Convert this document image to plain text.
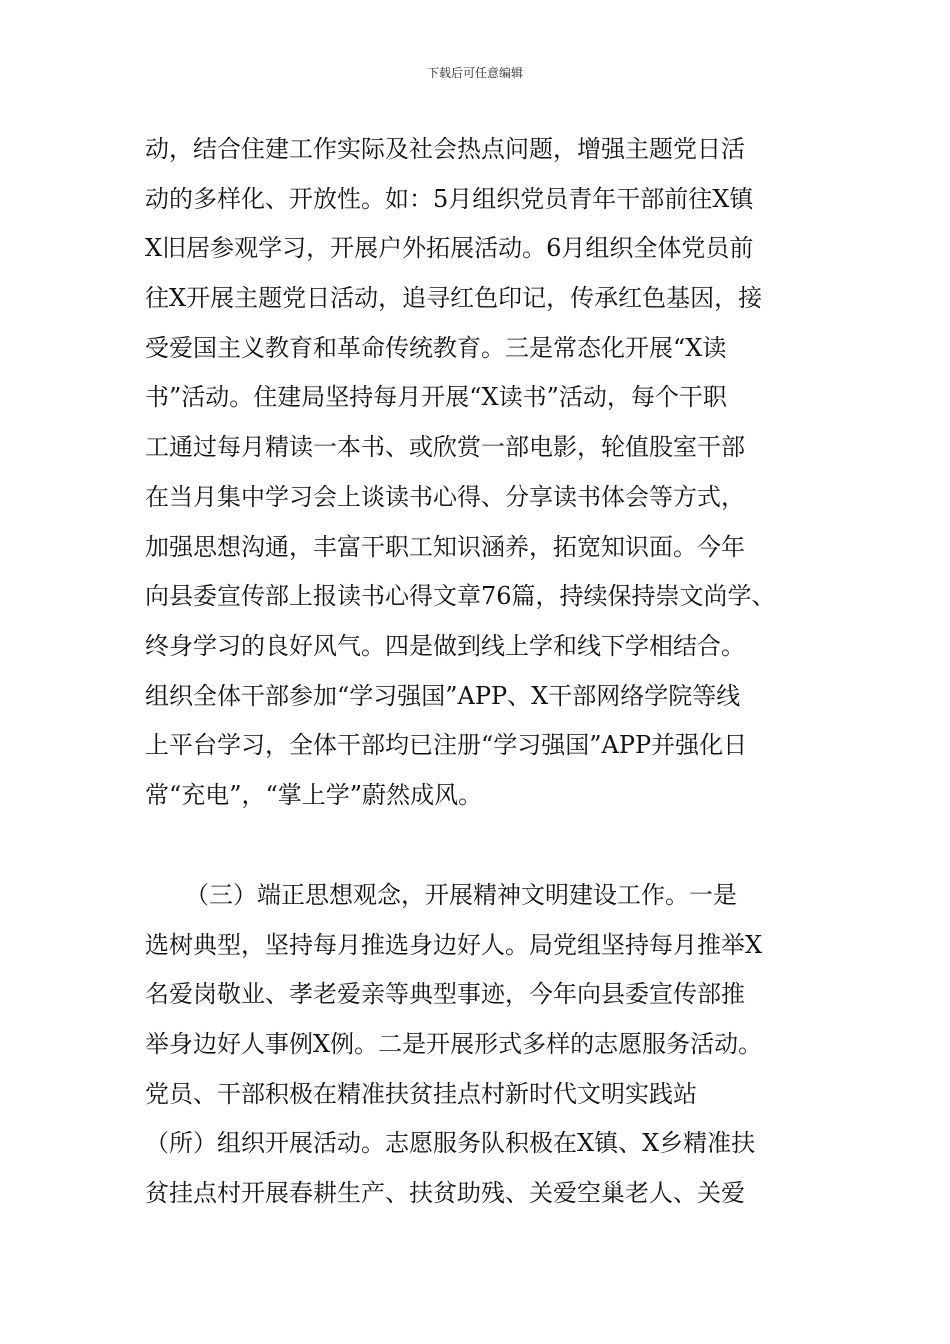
下载后可任意编辑
动，结合住建工作实际及社会热点问题，增强主题党日活
动的多样化、开放性。如：5月组织党员青年干部前往X镇
X旧居参观学习，开展户外拓展活动。6月组织全体党员前
往X开展主题党日活动，追寻红色印记，传承红色基因，接
受爱国主义教育和革命传统教育。三是常态化开展“X读
书”活动。住建局坚持每月开展“X读书”活动，每个干职
工通过每月精读一本书、或欣赏一部电影，轮值股室干部
在当月集中学习会上谈读书心得、分享读书体会等方式，
加强思想沟通，丰富干职工知识涵养，拓宽知识面。今年
向县委宣传部上报读书心得文章76篇，持续保持崇文尚学、
终身学习的良好风气。四是做到线上学和线下学相结合。
组织全体干部参加“学习强国”APP、X干部网络学院等线
上平台学习，全体干部均已注册“学习强国”APP并强化日
常“充电”，“掌上学”蔚然成风。
（三）端正思想观念，开展精神文明建设工作。一是
选树典型，坚持每月推选身边好人。局党组坚持每月推举X
名爱岗敬业、孝老爱亲等典型事迹，今年向县委宣传部推
举身边好人事例X例。二是开展形式多样的志愿服务活动。
党员、干部积极在精准扶贫挂点村新时代文明实践站
（所）组织开展活动。志愿服务队积极在X镇、X乡精准扶
贫挂点村开展春耕生产、扶贫助残、关爱空巢老人、关爱
